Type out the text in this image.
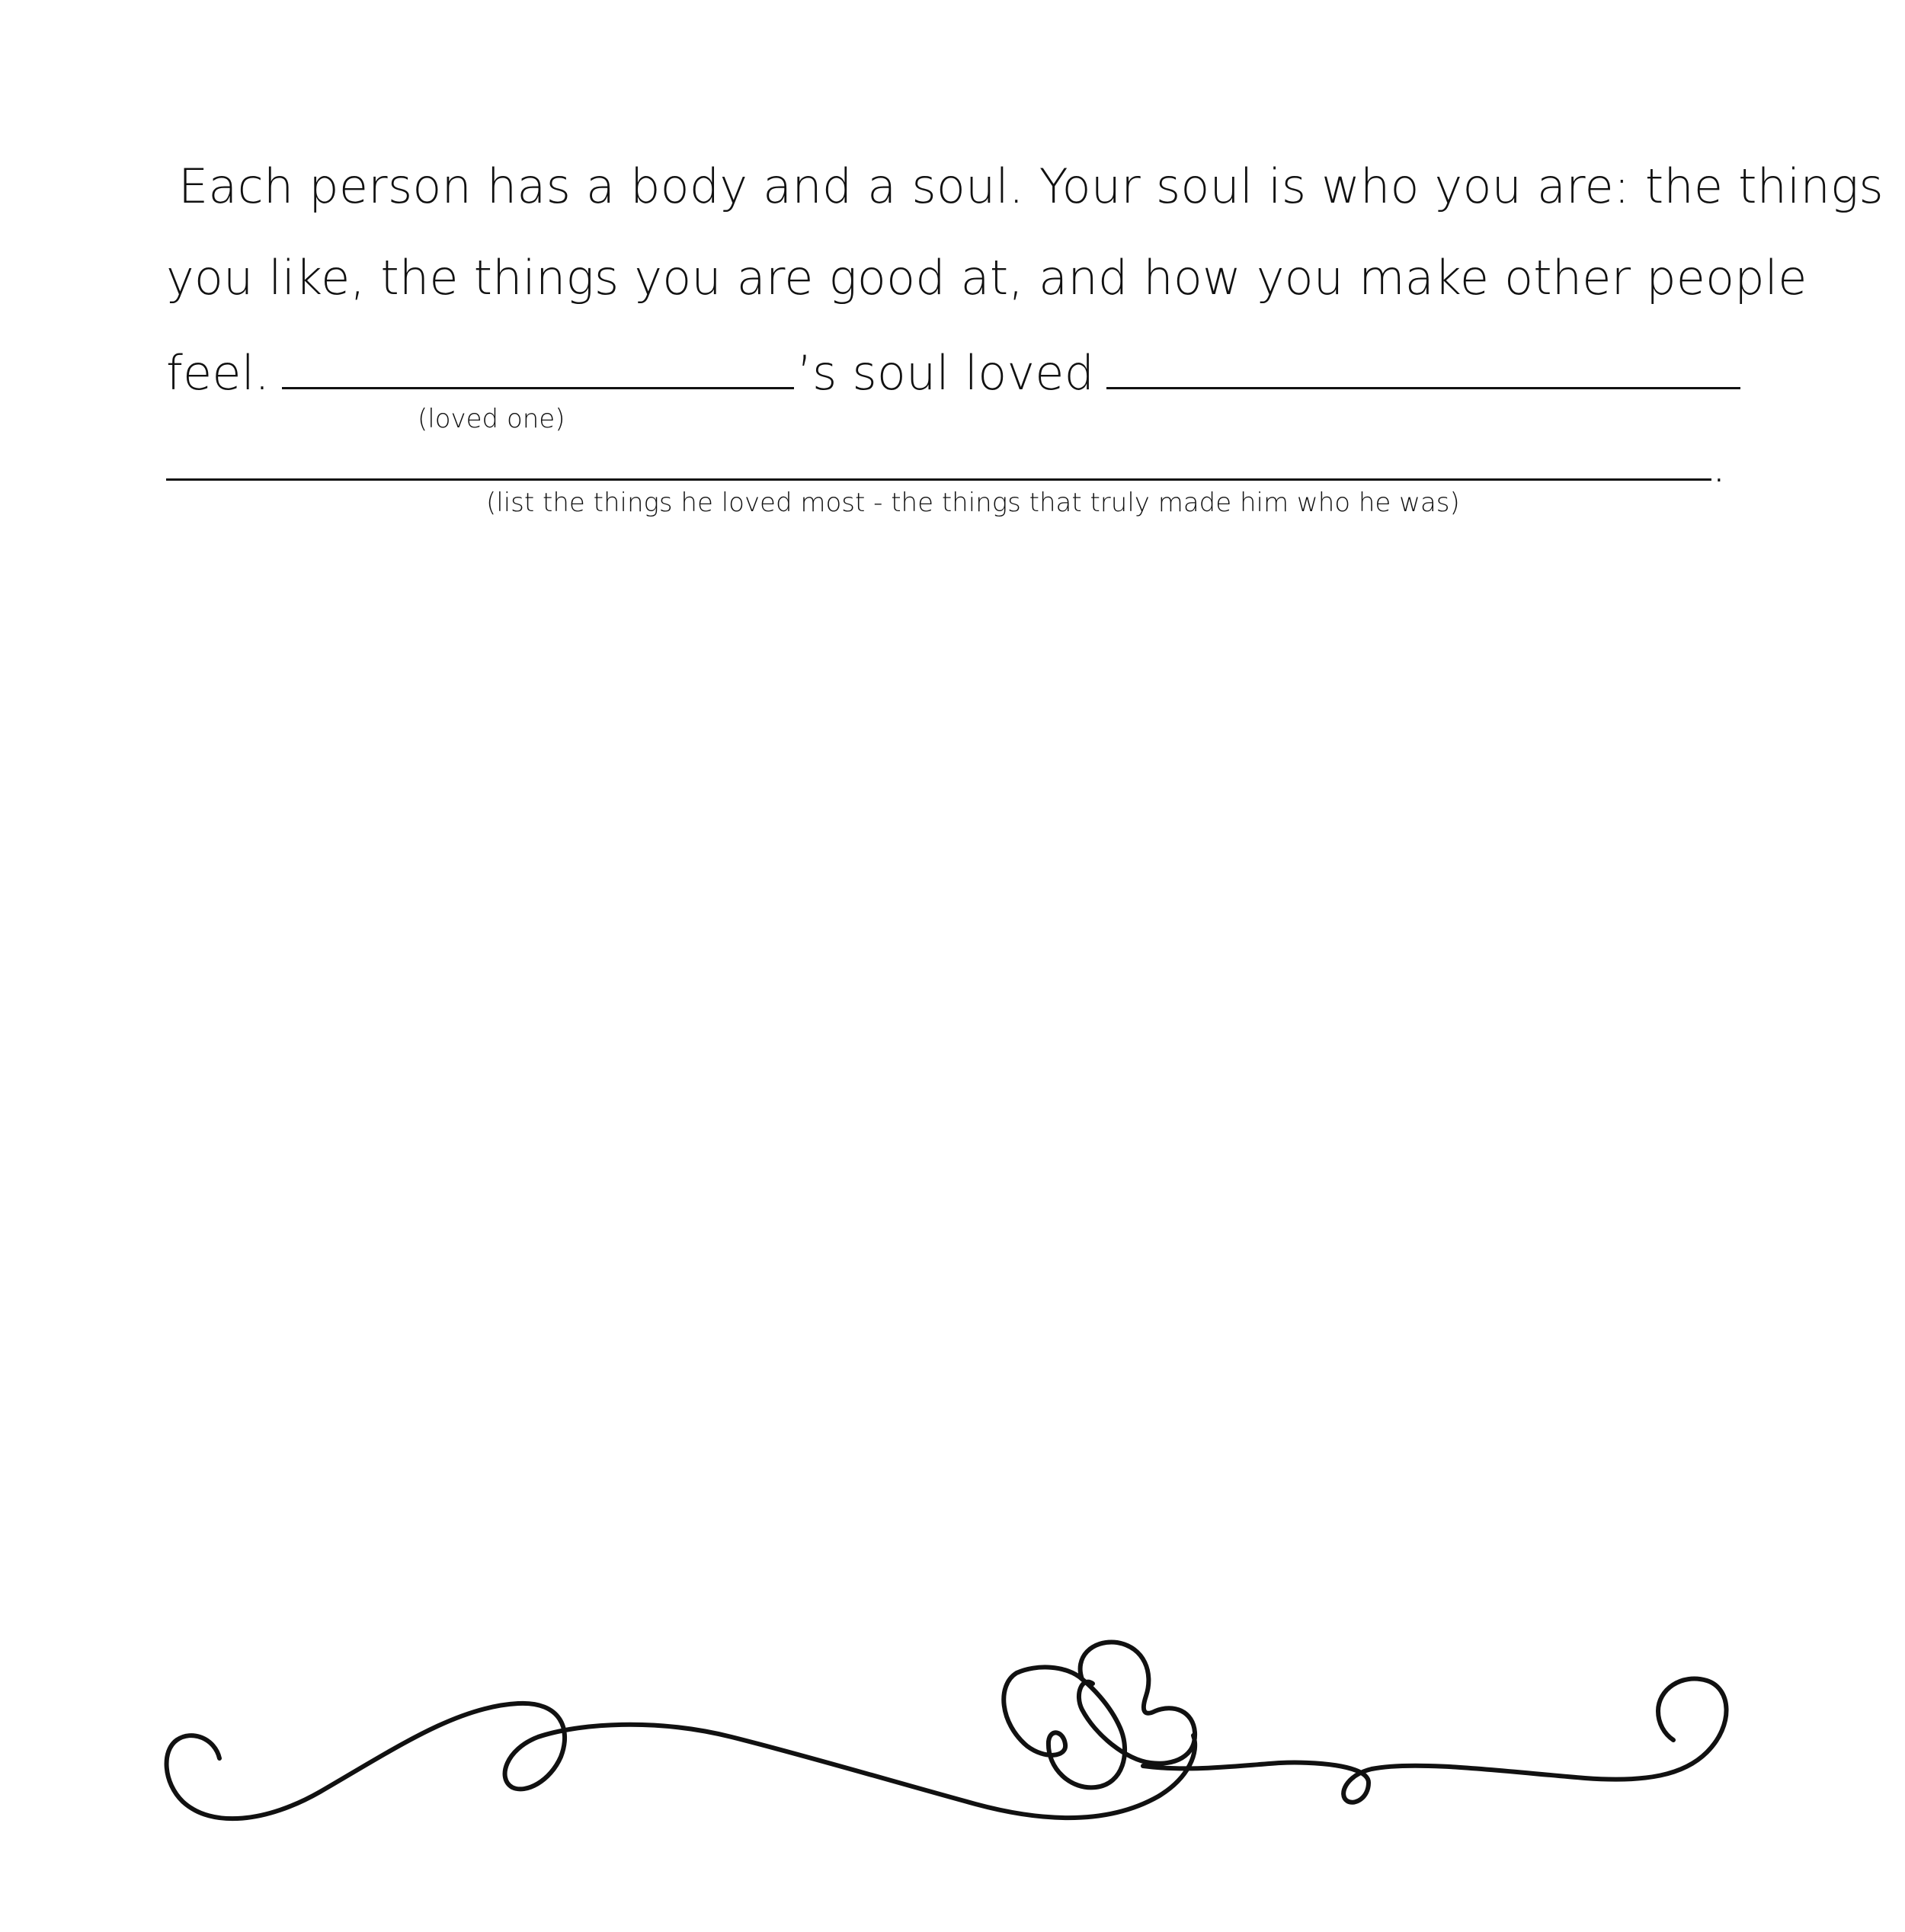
Each person has a body and a soul. Your soul is who you are: the things
you like, the things you are good at, and how you make other people
feel.	’s soul loved
(loved one)
.
(list the things he loved most - the things that truly made him who he was)
